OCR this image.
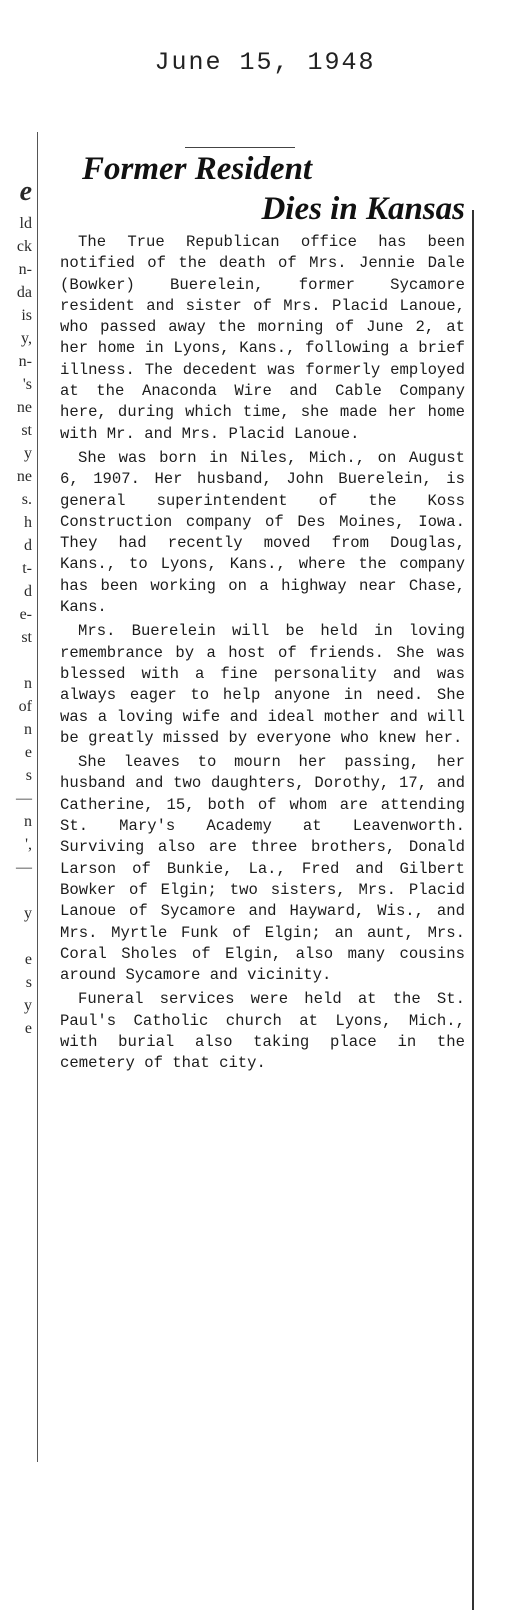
June 15, 1948
e
ld
ck
n-
da
is
y,
n-
's
ne
st
y
ne
s.
h
d
t-
d
e-
st

n
of
n
e
s
—
n
',
—

y

e
s
y
e
Former Resident
Dies in Kansas

The True Republican office has been notified of the death of Mrs. Jennie Dale (Bowker) Buerelein, former Sycamore resident and sister of Mrs. Placid Lanoue, who passed away the morning of June 2, at her home in Lyons, Kans., following a brief illness. The decedent was formerly employed at the Anaconda Wire and Cable Company here, during which time, she made her home with Mr. and Mrs. Placid Lanoue.

She was born in Niles, Mich., on August 6, 1907. Her husband, John Buerelein, is general superintendent of the Koss Construction company of Des Moines, Iowa. They had recently moved from Douglas, Kans., to Lyons, Kans., where the company has been working on a highway near Chase, Kans.

Mrs. Buerelein will be held in loving remembrance by a host of friends. She was blessed with a fine personality and was always eager to help anyone in need. She was a loving wife and ideal mother and will be greatly missed by everyone who knew her.

She leaves to mourn her passing, her husband and two daughters, Dorothy, 17, and Catherine, 15, both of whom are attending St. Mary's Academy at Leavenworth. Surviving also are three brothers, Donald Larson of Bunkie, La., Fred and Gilbert Bowker of Elgin; two sisters, Mrs. Placid Lanoue of Sycamore and Hayward, Wis., and Mrs. Myrtle Funk of Elgin; an aunt, Mrs. Coral Sholes of Elgin, also many cousins around Sycamore and vicinity.

Funeral services were held at the St. Paul's Catholic church at Lyons, Mich., with burial also taking place in the cemetery of that city.
